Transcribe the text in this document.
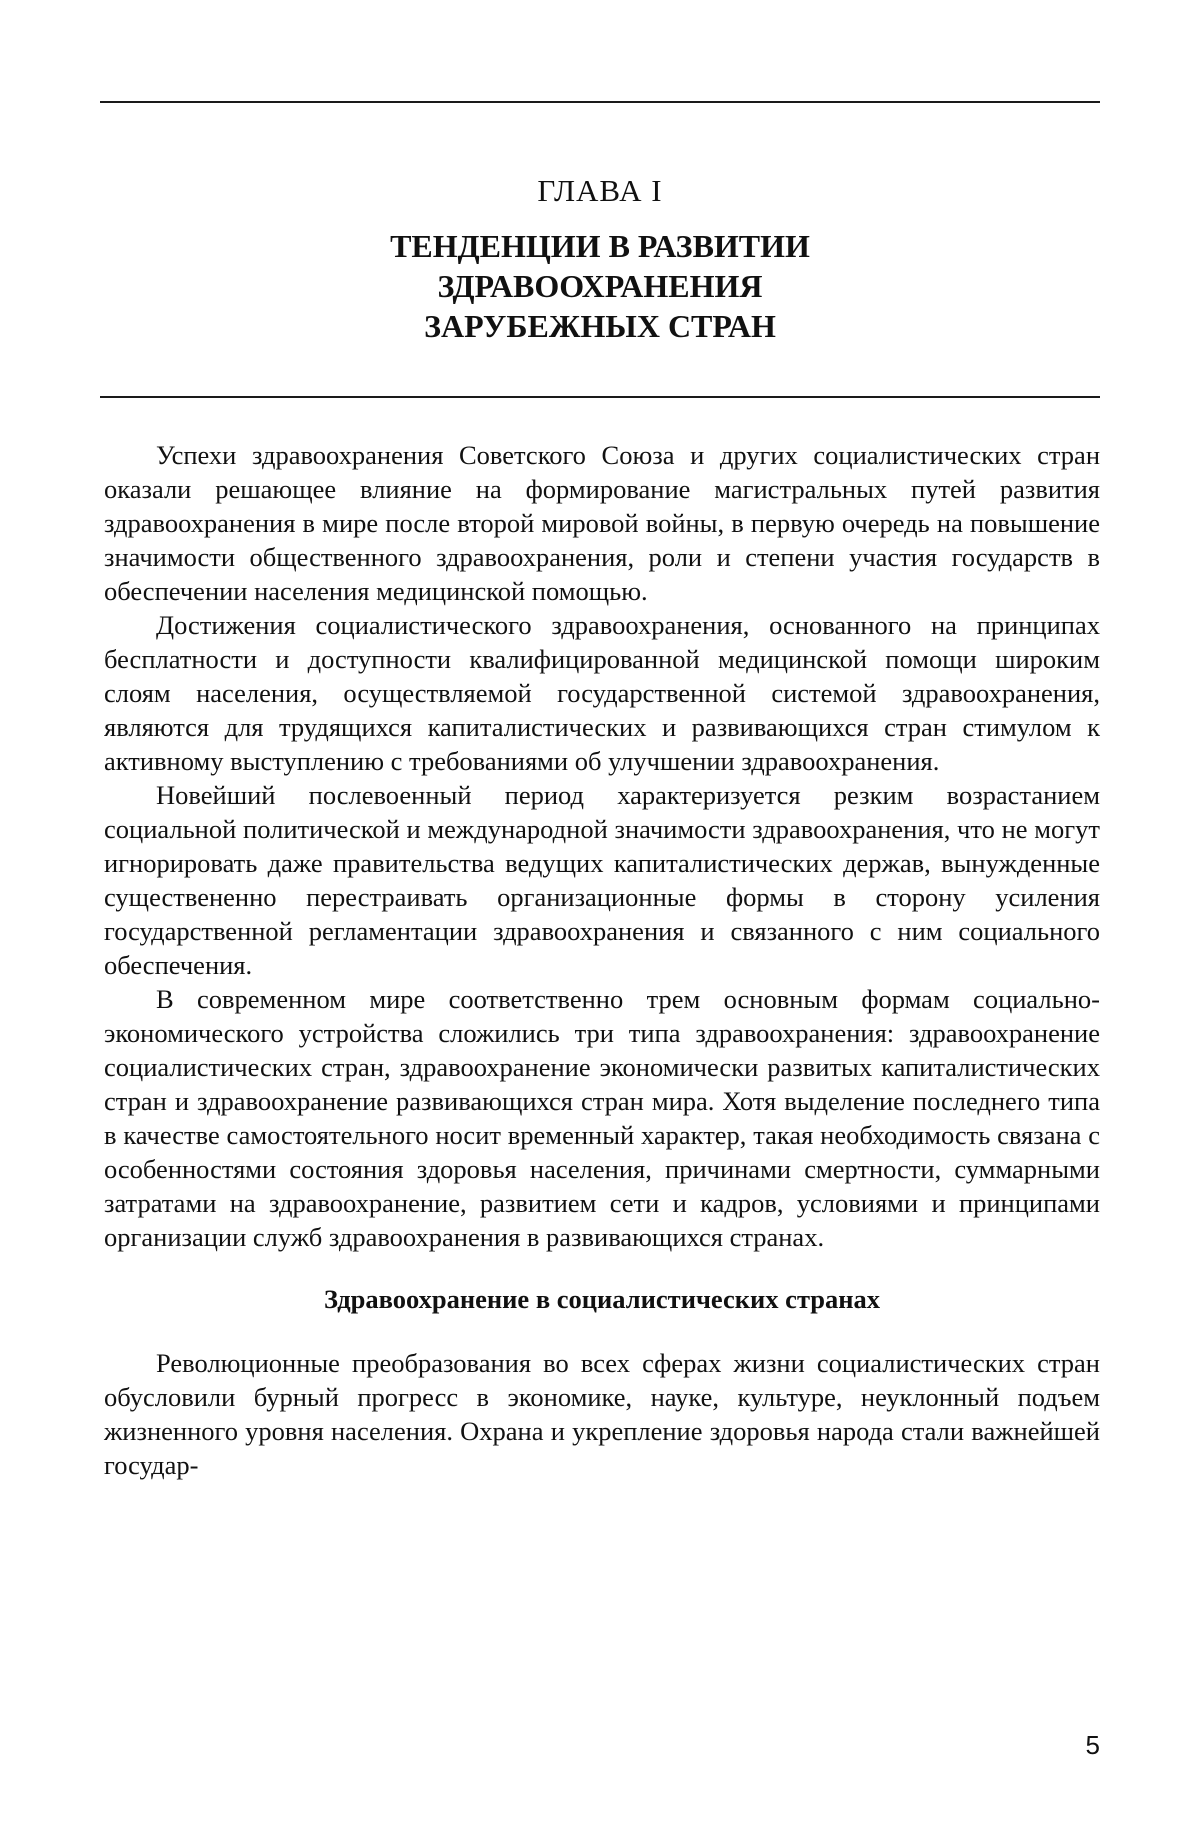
ГЛАВА I
ТЕНДЕНЦИИ В РАЗВИТИИ
ЗДРАВООХРАНЕНИЯ
ЗАРУБЕЖНЫХ СТРАН

Успехи здравоохранения Советского Союза и других социалистических стран оказали решающее влияние на формирование магистральных путей развития здравоохранения в мире после второй мировой войны, в первую очередь на повышение значимости общественного здравоохранения, роли и степени участия государств в обеспечении населения медицинской помощью.

Достижения социалистического здравоохранения, основанного на принципах бесплатности и доступности квалифицированной медицинской помощи широким слоям населения, осуществляемой государственной системой здравоохранения, являются для трудящихся капиталистических и развивающихся стран стимулом к активному выступлению с требованиями об улучшении здравоохранения.

Новейший послевоенный период характеризуется резким возрастанием социальной политической и международной значимости здравоохранения, что не могут игнорировать даже правительства ведущих капиталистических держав, вынужденные существененно перестраивать организационные формы в сторону усиления государственной регламентации здравоохранения и связанного с ним социального обеспечения.

В современном мире соответственно трем основным формам социально-экономического устройства сложились три типа здравоохранения: здравоохранение социалистических стран, здравоохранение экономически развитых капиталистических стран и здравоохранение развивающихся стран мира. Хотя выделение последнего типа в качестве самостоятельного носит временный характер, такая необходимость связана с особенностями состояния здоровья населения, причинами смертности, суммарными затратами на здравоохранение, развитием сети и кадров, условиями и принципами организации служб здравоохранения в развивающихся странах.

Здравоохранение в социалистических странах

Революционные преобразования во всех сферах жизни социалистических стран обусловили бурный прогресс в экономике, науке, культуре, неуклонный подъем жизненного уровня населения. Охрана и укрепление здоровья народа стали важнейшей государ-

5
